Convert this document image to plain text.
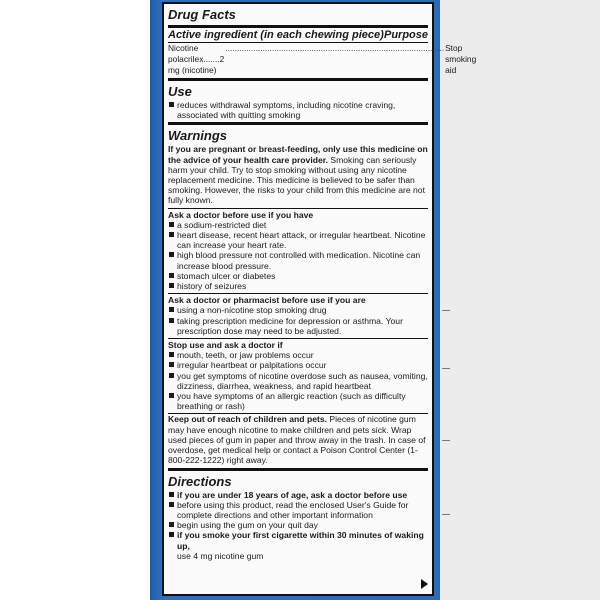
Drug Facts
Active ingredient (in each chewing piece) Purpose
Nicotine polacrilex.......2 mg (nicotine)
.............................................................................................. Stop smoking aid
Use
reduces withdrawal symptoms, including nicotine craving, associated with quitting smoking
Warnings

If you are pregnant or breast-feeding, only use this medicine on the advice of your health care provider. Smoking can seriously harm your child. Try to stop smoking without using any nicotine replacement medicine. This medicine is believed to be safer than smoking. However, the risks to your child from this medicine are not fully known.

Ask a doctor before use if you have
a sodium-restricted diet
heart disease, recent heart attack, or irregular heartbeat. Nicotine can increase your heart rate.
high blood pressure not controlled with medication. Nicotine can increase blood pressure.
stomach ulcer or diabetes
history of seizures
Ask a doctor or pharmacist before use if you are
using a non-nicotine stop smoking drug
taking prescription medicine for depression or asthma. Your prescription dose may need to be adjusted.
Stop use and ask a doctor if
mouth, teeth, or jaw problems occur
irregular heartbeat or palpitations occur
you get symptoms of nicotine overdose such as nausea, vomiting, dizziness, diarrhea, weakness, and rapid heartbeat
you have symptoms of an allergic reaction (such as difficulty breathing or rash)

Keep out of reach of children and pets. Pieces of nicotine gum may have enough nicotine to make children and pets sick. Wrap used pieces of gum in paper and throw away in the trash. In case of overdose, get medical help or contact a Poison Control Center (1-800-222-1222) right away.

Directions
if you are under 18 years of age, ask a doctor before use
before using this product, read the enclosed User's Guide for complete directions and other important information
begin using the gum on your quit day
if you smoke your first cigarette within 30 minutes of waking up,
use 4 mg nicotine gum
